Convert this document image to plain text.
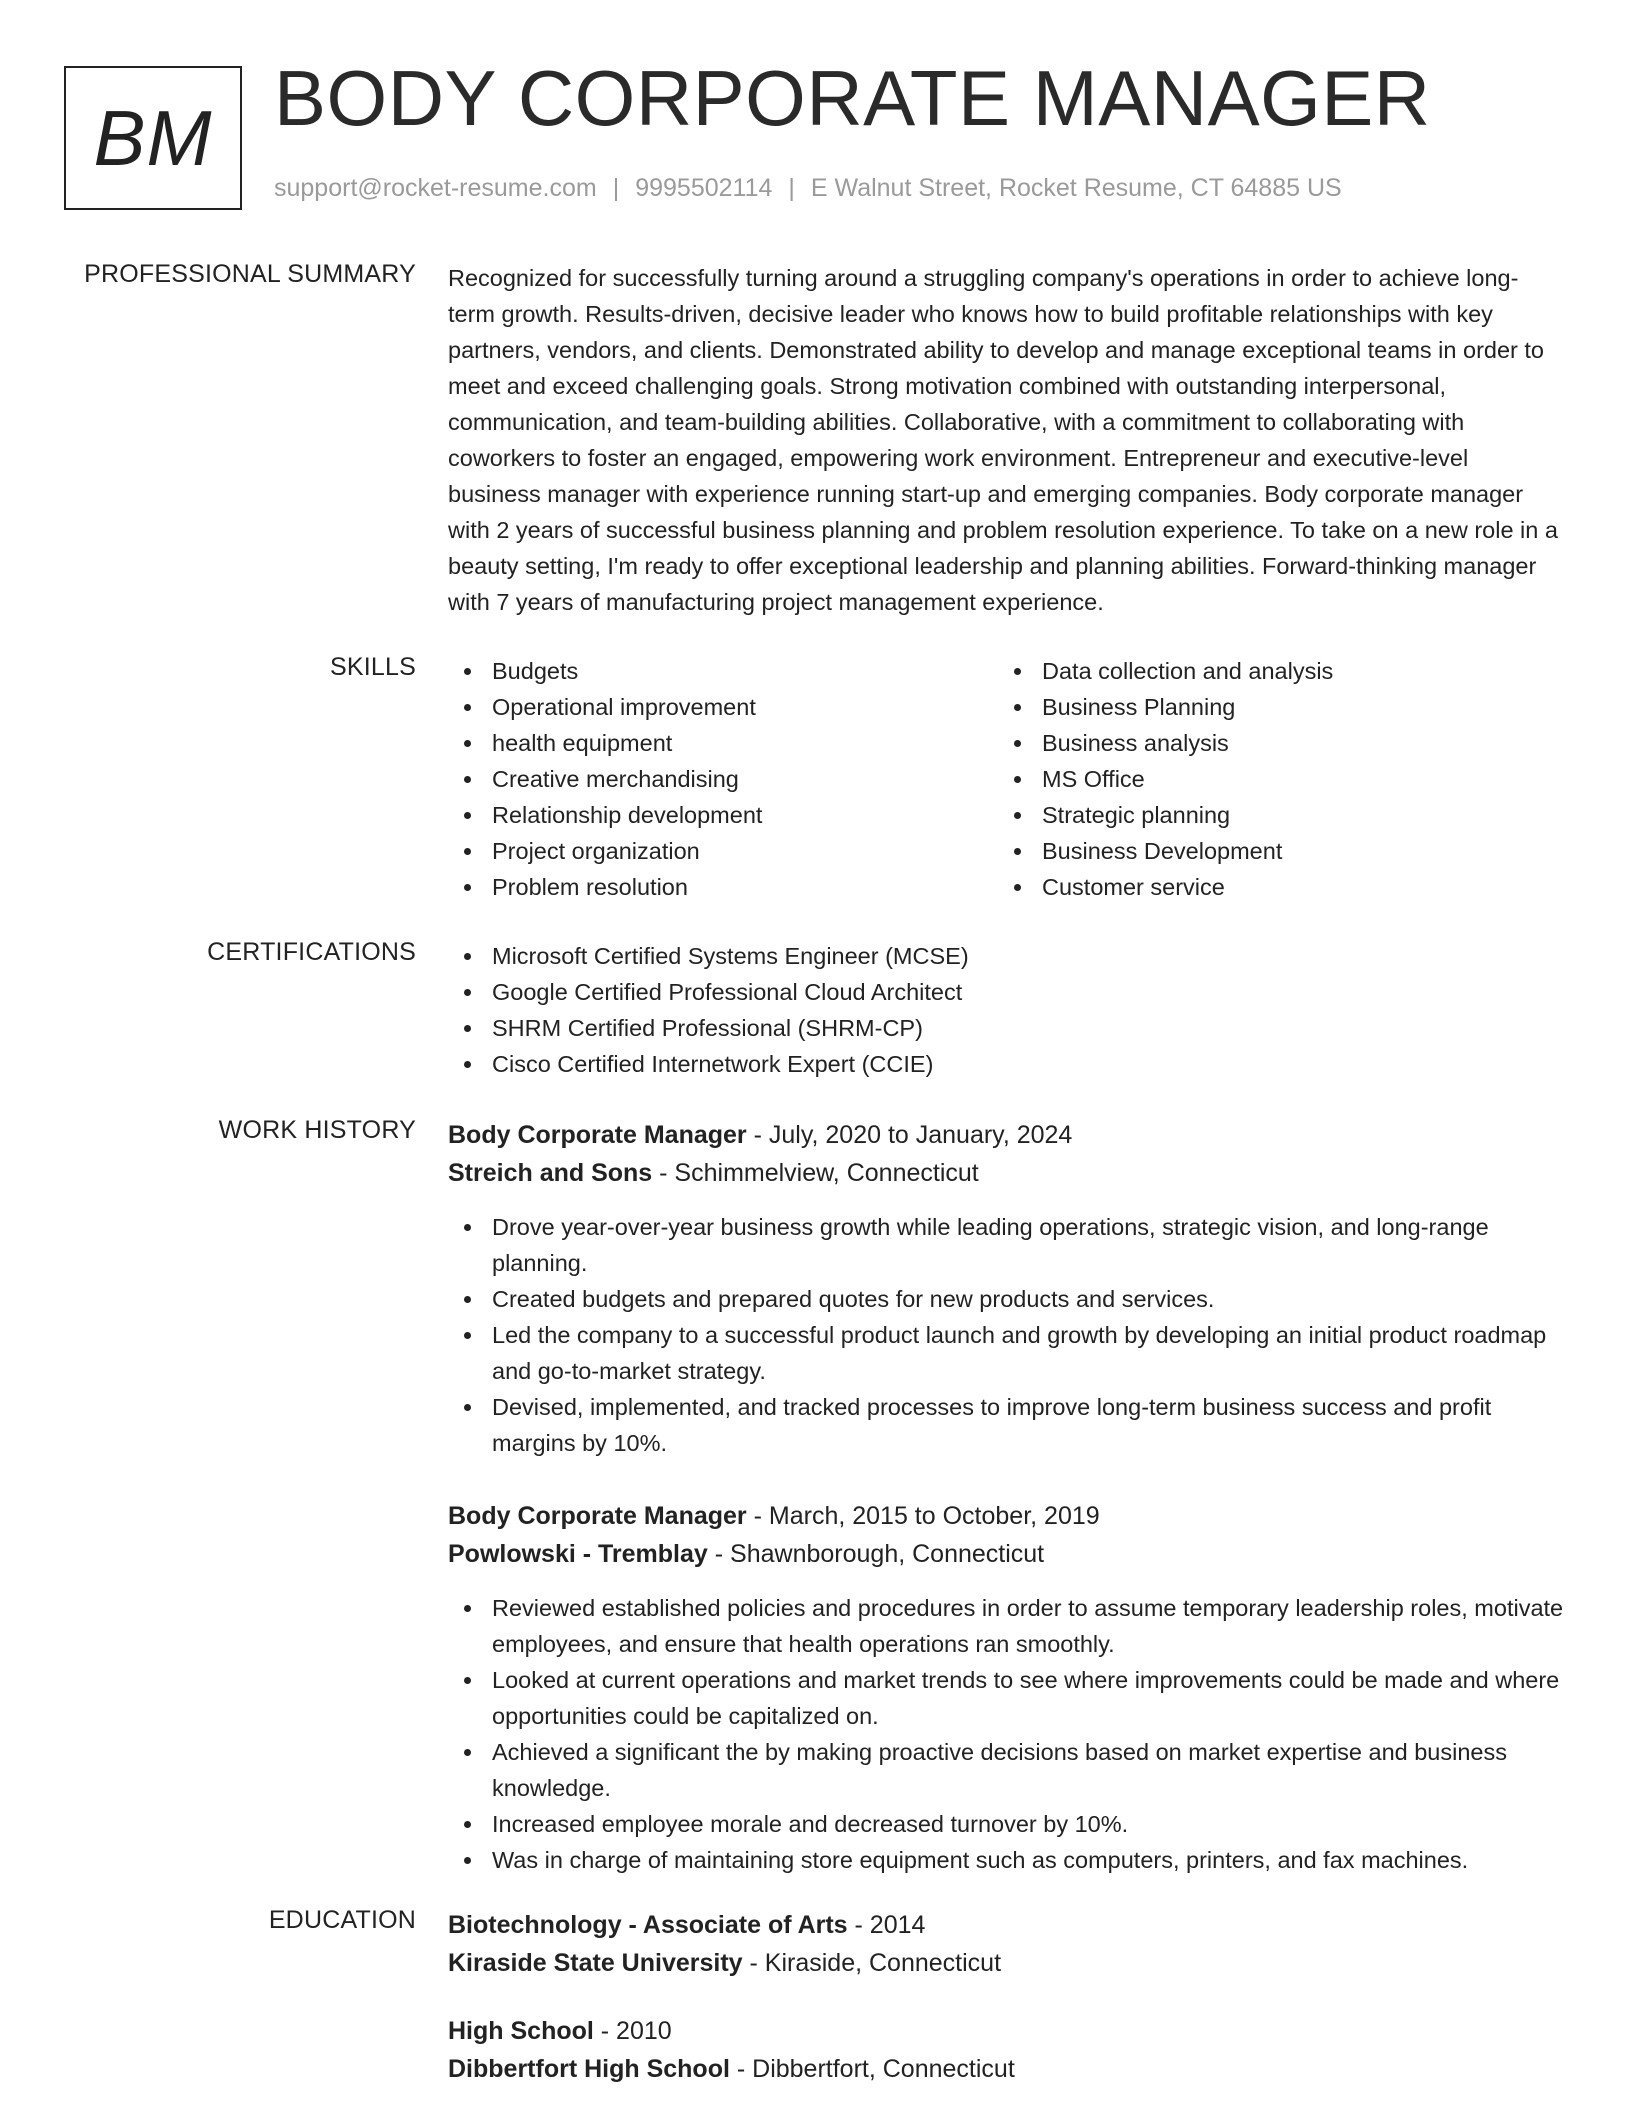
BM BODY CORPORATE MANAGER
support@rocket-resume.com | 9995502114 | E Walnut Street, Rocket Resume, CT 64885 US
PROFESSIONAL SUMMARY Recognized for successfully turning around a struggling company's operations in order to achieve long-term growth. Results-driven, decisive leader who knows how to build profitable relationships with key partners, vendors, and clients. Demonstrated ability to develop and manage exceptional teams in order to meet and exceed challenging goals. Strong motivation combined with outstanding interpersonal, communication, and team-building abilities. Collaborative, with a commitment to collaborating with coworkers to foster an engaged, empowering work environment. Entrepreneur and executive-level business manager with experience running start-up and emerging companies. Body corporate manager with 2 years of successful business planning and problem resolution experience. To take on a new role in a beauty setting, I'm ready to offer exceptional leadership and planning abilities. Forward-thinking manager with 7 years of manufacturing project management experience.
SKILLS	Budgets
Operational improvement
health equipment
Creative merchandising
Relationship development
Project organization
Problem resolution
Data collection and analysis
Business Planning
Business analysis
MS Office
Strategic planning
Business Development
Customer service
CERTIFICATIONS	Microsoft Certified Systems Engineer (MCSE)
Google Certified Professional Cloud Architect
SHRM Certified Professional (SHRM-CP)
Cisco Certified Internetwork Expert (CCIE)
WORK HISTORY Body Corporate Manager - July, 2020 to January, 2024
Streich and Sons - Schimmelview, Connecticut
Drove year-over-year business growth while leading operations, strategic vision, and long-range planning.
Created budgets and prepared quotes for new products and services.
Led the company to a successful product launch and growth by developing an initial product roadmap and go-to-market strategy.
Devised, implemented, and tracked processes to improve long-term business success and profit margins by 10%.
Body Corporate Manager - March, 2015 to October, 2019
Powlowski - Tremblay - Shawnborough, Connecticut
Reviewed established policies and procedures in order to assume temporary leadership roles, motivate employees, and ensure that health operations ran smoothly.
Looked at current operations and market trends to see where improvements could be made and where opportunities could be capitalized on.
Achieved a significant the by making proactive decisions based on market expertise and business knowledge.
Increased employee morale and decreased turnover by 10%.
Was in charge of maintaining store equipment such as computers, printers, and fax machines.
EDUCATION Biotechnology - Associate of Arts - 2014
Kiraside State University - Kiraside, Connecticut
High School - 2010
Dibbertfort High School - Dibbertfort, Connecticut
